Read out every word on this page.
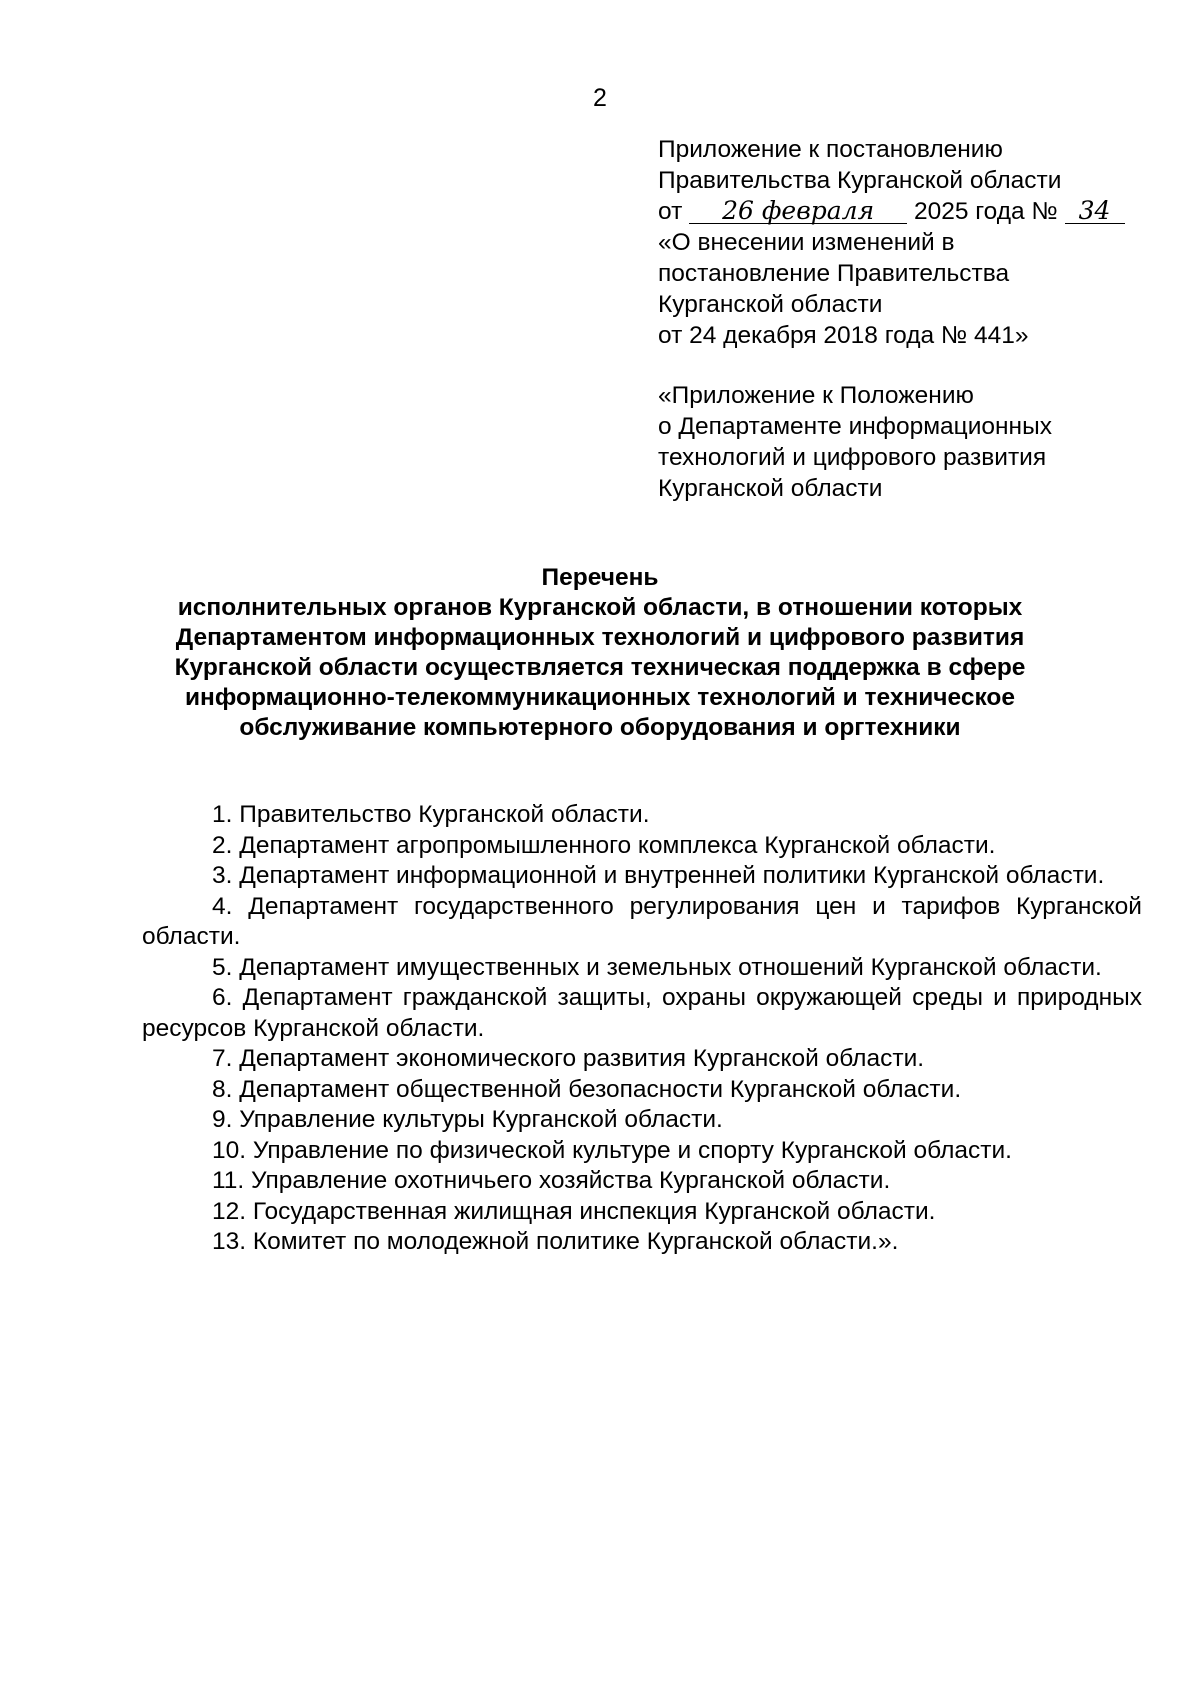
2

Приложение к постановлению

Правительства Курганской области

от 26 февраля 2025 года № 34

«О внесении изменений в

постановление Правительства

Курганской области

от 24 декабря 2018 года № 441»

«Приложение к Положению

о Департаменте информационных

технологий и цифрового развития

Курганской области

Перечень

исполнительных органов Курганской области, в отношении которых

Департаментом информационных технологий и цифрового развития

Курганской области осуществляется техническая поддержка в сфере

информационно-телекоммуникационных технологий и техническое

обслуживание компьютерного оборудования и оргтехники

1. Правительство Курганской области.

2. Департамент агропромышленного комплекса Курганской области.

3. Департамент информационной и внутренней политики Курганской области.

4. Департамент государственного регулирования цен и тарифов Курганской области.

5. Департамент имущественных и земельных отношений Курганской области.

6. Департамент гражданской защиты, охраны окружающей среды и природных ресурсов Курганской области.

7. Департамент экономического развития Курганской области.

8. Департамент общественной безопасности Курганской области.

9. Управление культуры Курганской области.

10. Управление по физической культуре и спорту Курганской области.

11. Управление охотничьего хозяйства Курганской области.

12. Государственная жилищная инспекция Курганской области.

13. Комитет по молодежной политике Курганской области.».
